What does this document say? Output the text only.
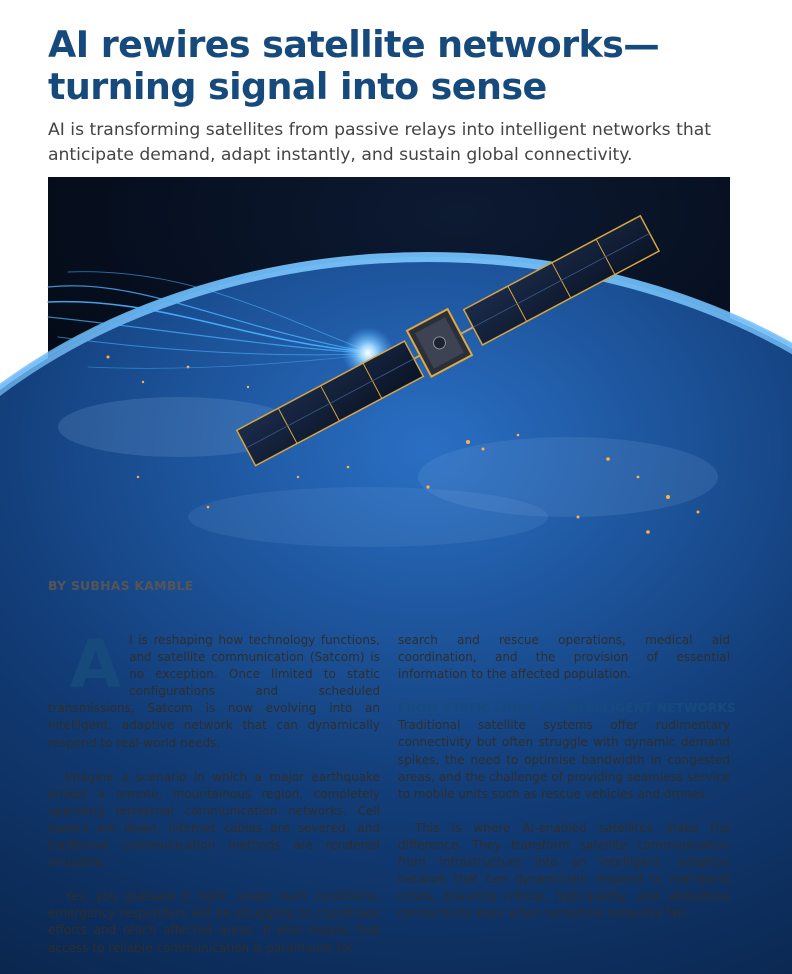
AI rewires satellite networks—
turning signal into sense
AI is transforming satellites from passive relays into intelligent networks that
anticipate demand, adapt instantly, and sustain global connectivity.
BY SUBHAS KAMBLE

A I is reshaping how technology functions, and satellite communication (Satcom) is no exception. Once limited to static configurations and scheduled transmissions, Satcom is now evolving into an intelligent, adaptive network that can dynamically respond to real-world needs.

Imagine a scenario in which a major earthquake strikes a remote, mountainous region, completely upending terrestrial communication networks. Cell towers are down, internet cables are severed, and traditional communication methods are rendered unusable.

Yes, you guessed it right: under such conditions, emergency responders will be struggling to coordinate efforts and reach affected areas. It also means that access to reliable communication is paramount for

search and rescue operations, medical aid coordination, and the provision of essential information to the affected population.

FROM STATIC LINKS TO INTELLIGENT NETWORKS

Traditional satellite systems offer rudimentary connectivity but often struggle with dynamic demand spikes, the need to optimise bandwidth in congested areas, and the challenge of providing seamless service to mobile units such as rescue vehicles and drones.

This is where AI-enabled satellites make the difference. They transform satellite communication from infrastructure into an intelligent, adaptive network that can dynamically respond to real-world crises, ensuring critical, high-quality, and ubiquitous connectivity even when terrestrial networks fail.
